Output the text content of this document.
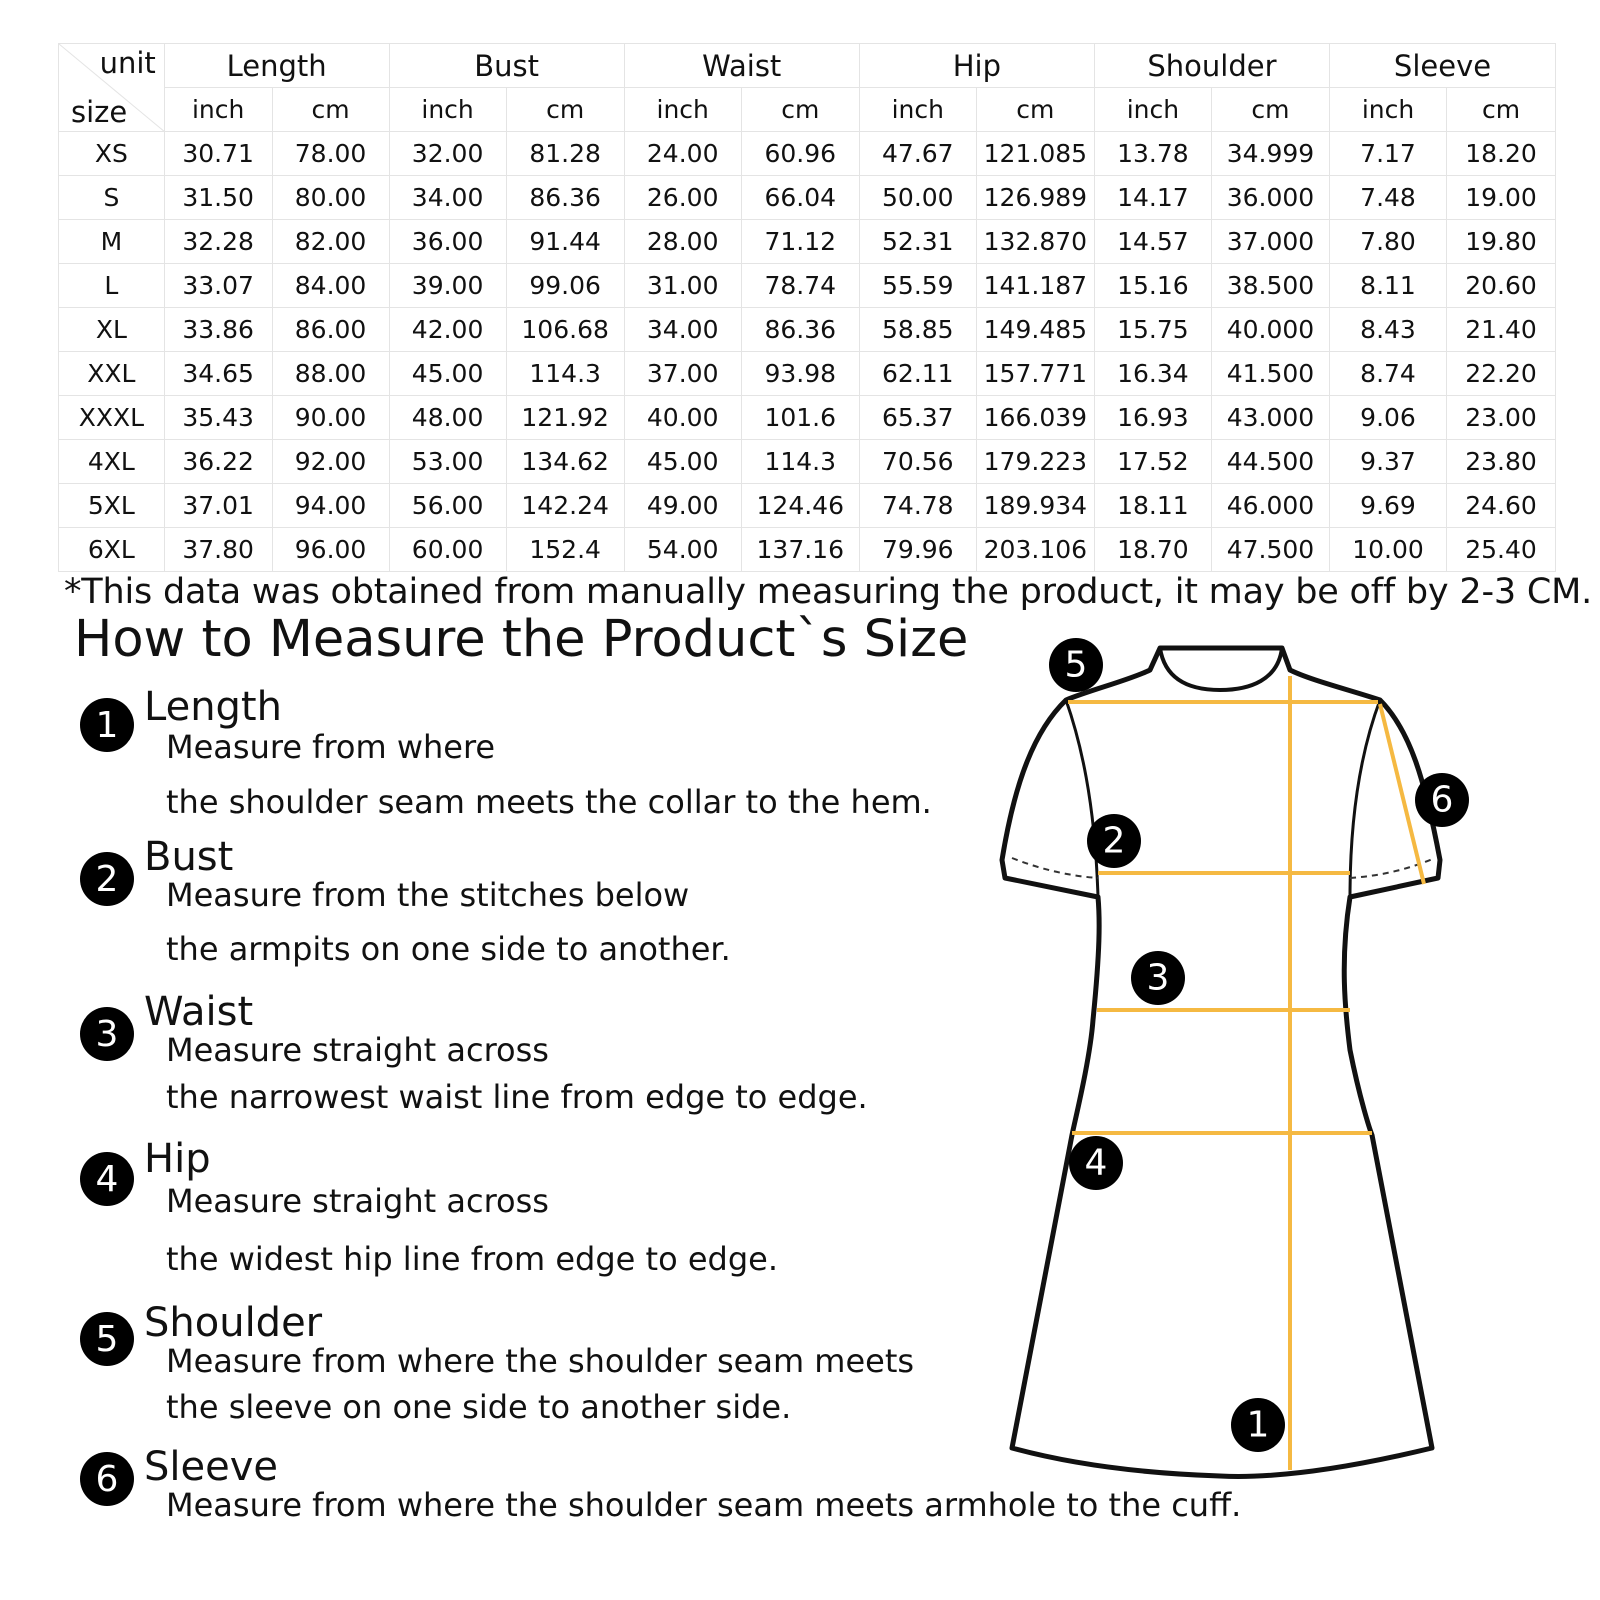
unit
size	Length		Bust		Waist		Hip		Shoulder		Sleeve	
	inch	cm	inch	cm	inch	cm	inch	cm	inch	cm	inch	cm
XS	30.71	78.00	32.00	81.28	24.00	60.96	47.67	121.085	13.78	34.999	7.17	18.20
S	31.50	80.00	34.00	86.36	26.00	66.04	50.00	126.989	14.17	36.000	7.48	19.00
M	32.28	82.00	36.00	91.44	28.00	71.12	52.31	132.870	14.57	37.000	7.80	19.80
L	33.07	84.00	39.00	99.06	31.00	78.74	55.59	141.187	15.16	38.500	8.11	20.60
XL	33.86	86.00	42.00	106.68	34.00	86.36	58.85	149.485	15.75	40.000	8.43	21.40
XXL	34.65	88.00	45.00	114.3	37.00	93.98	62.11	157.771	16.34	41.500	8.74	22.20
XXXL	35.43	90.00	48.00	121.92	40.00	101.6	65.37	166.039	16.93	43.000	9.06	23.00
4XL	36.22	92.00	53.00	134.62	45.00	114.3	70.56	179.223	17.52	44.500	9.37	23.80
5XL	37.01	94.00	56.00	142.24	49.00	124.46	74.78	189.934	18.11	46.000	9.69	24.60
6XL	37.80	96.00	60.00	152.4	54.00	137.16	79.96	203.106	18.70	47.500	10.00	25.40
*This data was obtained from manually measuring the product, it may be off by 2-3 CM.
How to Measure the Product`s Size
1 Length
Measure from where
the shoulder seam meets the collar to the hem.
2 Bust
Measure from the stitches below
the armpits on one side to another.
3 Waist
Measure straight across
the narrowest waist line from edge to edge.
4 Hip
Measure straight across
the widest hip line from edge to edge.
5 Shoulder
Measure from where the shoulder seam meets
the sleeve on one side to another side.
6 Sleeve
Measure from where the shoulder seam meets armhole to the cuff.
5
6
2
3
4
1
